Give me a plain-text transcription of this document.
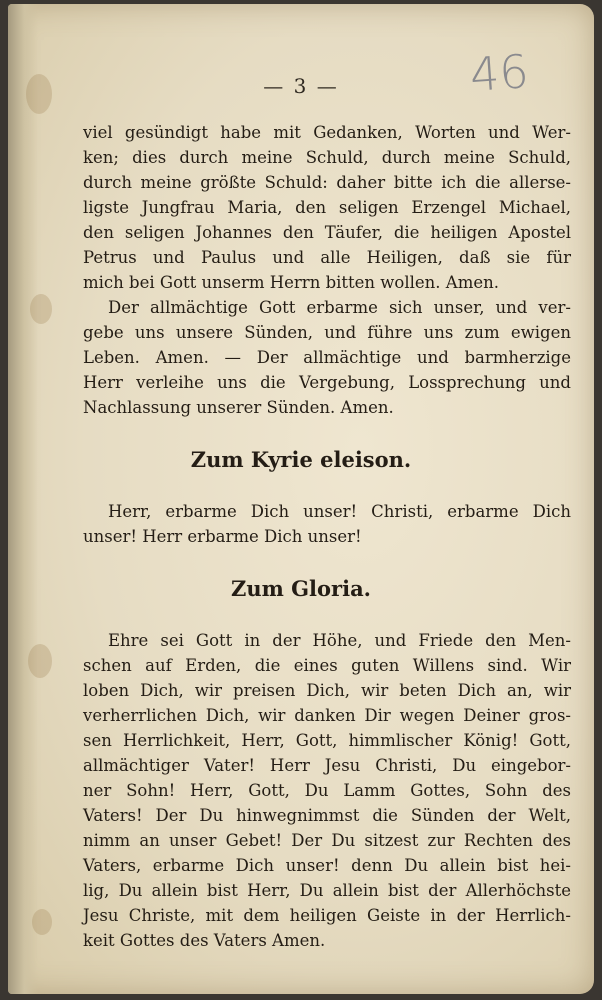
— 3 —	46
viel gesündigt habe mit Gedanken, Worten und Wer-
ken; dies durch meine Schuld, durch meine Schuld,
durch meine größte Schuld: daher bitte ich die allerse-
ligste Jungfrau Maria, den seligen Erzengel Michael,
den seligen Johannes den Täufer, die heiligen Apostel
Petrus und Paulus und alle Heiligen, daß sie für
mich bei Gott unserm Herrn bitten wollen. Amen.
Der allmächtige Gott erbarme sich unser, und ver-
gebe uns unsere Sünden, und führe uns zum ewigen
Leben. Amen. — Der allmächtige und barmherzige
Herr verleihe uns die Vergebung, Lossprechung und
Nachlassung unserer Sünden. Amen.
Zum Kyrie eleison.
Herr, erbarme Dich unser! Christi, erbarme Dich
unser! Herr erbarme Dich unser!
Zum Gloria.
Ehre sei Gott in der Höhe, und Friede den Men-
schen auf Erden, die eines guten Willens sind. Wir
loben Dich, wir preisen Dich, wir beten Dich an, wir
verherrlichen Dich, wir danken Dir wegen Deiner gros-
sen Herrlichkeit, Herr, Gott, himmlischer König! Gott,
allmächtiger Vater! Herr Jesu Christi, Du eingebor-
ner Sohn! Herr, Gott, Du Lamm Gottes, Sohn des
Vaters! Der Du hinwegnimmst die Sünden der Welt,
nimm an unser Gebet! Der Du sitzest zur Rechten des
Vaters, erbarme Dich unser! denn Du allein bist hei-
lig, Du allein bist Herr, Du allein bist der Allerhöchste
Jesu Christe, mit dem heiligen Geiste in der Herrlich-
keit Gottes des Vaters Amen.
